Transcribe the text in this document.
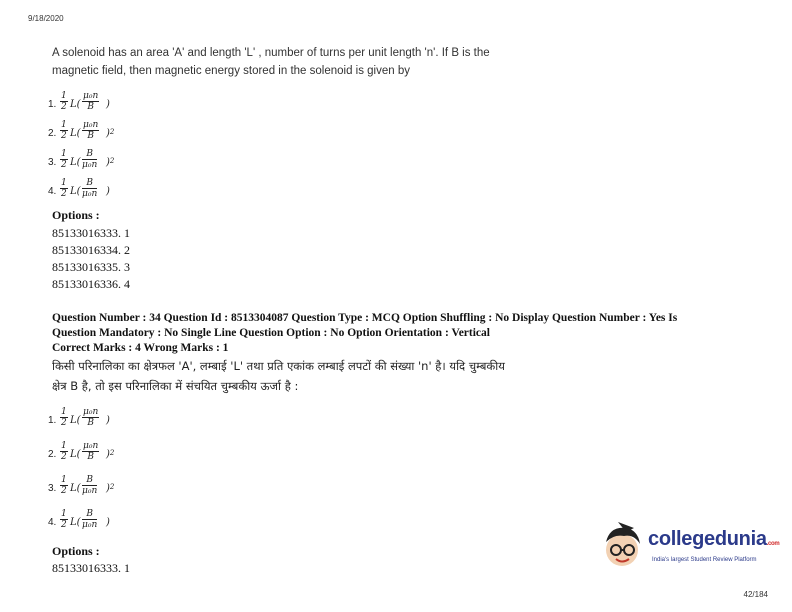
9/18/2020
A solenoid has an area 'A' and length 'L' , number of turns per unit length 'n'. If B is the
magnetic field, then magnetic energy stored in the solenoid is given by
1. $\frac{1}{2} L( \frac{\text{μ₀n}}{B}$ )
2. $\frac{1}{2} L( \frac{\text{μ₀n}}{B} )^2$
3. $\frac{1}{2} L( \frac{B}{\text{μ₀n}} )^2$
4. $\frac{1}{2} L( \frac{B}{\text{μ₀n}}$ )
Options :
85133016333. 1
85133016334. 2
85133016335. 3
85133016336. 4
Question Number : 34 Question Id : 8513304087 Question Type : MCQ Option Shuffling : No Display Question Number : Yes Is
Question Mandatory : No Single Line Question Option : No Option Orientation : Vertical
Correct Marks : 4 Wrong Marks : 1
किसी परिनालिका का क्षेत्रफल 'A', लम्बाई 'L' तथा प्रति एकांक लम्बाई लपटों की संख्या 'n' है। यदि चुम्बकीय
क्षेत्र B है, तो इस परिनालिका में संचयित चुम्बकीय ऊर्जा है :
1. $\frac{1}{2} L( \frac{\text{μ₀n}}{B}$ )
2. $\frac{1}{2} L( \frac{\text{μ₀n}}{B} )^2$
3. $\frac{1}{2} L( \frac{B}{\text{μ₀n}} )^2$
4. $\frac{1}{2} L( \frac{B}{\text{μ₀n}}$ )
Options :
85133016333. 1
collegedunia.com
India's largest Student Review Platform
42/184
